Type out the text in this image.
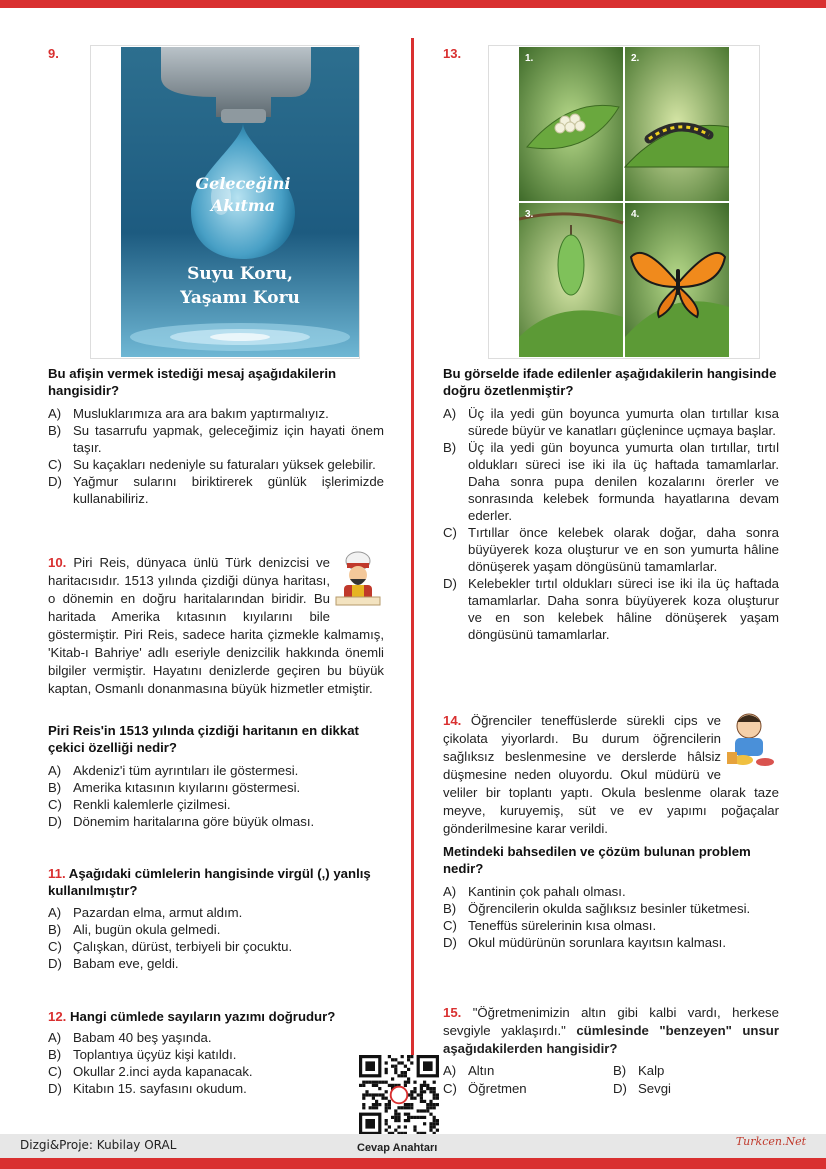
9.
Geleceğini
Akıtma
Suyu Koru,
Yaşamı Koru
Bu afişin vermek istediği mesaj aşağıdakilerin hangisidir?
A) Musluklarımıza ara ara bakım yaptırmalıyız.
B) Su tasarrufu yapmak, geleceğimiz için hayati önem taşır.
C) Su kaçakları nedeniyle su faturaları yüksek gelebilir.
D) Yağmur sularını biriktirerek günlük işlerimizde kullanabiliriz.
10. Piri Reis, dünyaca ünlü Türk denizcisi ve haritacısıdır. 1513 yılında çizdiği dünya haritası, o dönemin en doğru haritalarından biridir. Bu haritada Amerika kıtasının kıyılarını bile göstermiştir. Piri Reis, sadece harita çizmekle kalmamış, 'Kitab-ı Bahriye' adlı eseriyle denizcilik hakkında önemli bilgiler vermiştir. Hayatını denizlerde geçiren bu büyük kaptan, Osmanlı donanmasına büyük hizmetler etmiştir.
Piri Reis'in 1513 yılında çizdiği haritanın en dikkat çekici özelliği nedir?
A) Akdeniz'i tüm ayrıntıları ile göstermesi.
B) Amerika kıtasının kıyılarını göstermesi.
C) Renkli kalemlerle çizilmesi.
D) Dönemim haritalarına göre büyük olması.
11. Aşağıdaki cümlelerin hangisinde virgül (,) yanlış kullanılmıştır?
A) Pazardan elma, armut aldım.
B) Ali, bugün okula gelmedi.
C) Çalışkan, dürüst, terbiyeli bir çocuktu.
D) Babam eve, geldi.
12. Hangi cümlede sayıların yazımı doğrudur?
A) Babam 40 beş yaşında.
B) Toplantıya üçyüz kişi katıldı.
C) Okullar 2.inci ayda kapanacak.
D) Kitabın 15. sayfasını okudum.
13.	1.	2.
3.	4.
Bu görselde ifade edilenler aşağıdakilerin hangisinde doğru özetlenmiştir?
A) Üç ila yedi gün boyunca yumurta olan tırtıllar kısa sürede büyür ve kanatları güçlenince uçmaya başlar.
B) Üç ila yedi gün boyunca yumurta olan tırtıllar, tırtıl oldukları süreci ise iki ila üç haftada tamamlarlar. Daha sonra pupa denilen kozalarını örerler ve sonrasında kelebek formunda hayatlarına devam ederler.
C) Tırtıllar önce kelebek olarak doğar, daha sonra büyüyerek koza oluşturur ve en son yumurta hâline dönüşerek yaşam döngüsünü tamamlarlar.
D) Kelebekler tırtıl oldukları süreci ise iki ila üç haftada tamamlarlar. Daha sonra büyüyerek koza oluşturur ve en son kelebek hâline dönüşerek yaşam döngüsünü tamamlarlar.
14. Öğrenciler teneffüslerde sürekli cips ve çikolata yiyorlardı. Bu durum öğrencilerin sağlıksız beslenmesine ve derslerde hâlsiz düşmesine neden oluyordu. Okul müdürü ve veliler bir toplantı yaptı. Okula beslenme olarak taze meyve, kuruyemiş, süt ve ev yapımı poğaçalar gönderilmesine karar verildi.
Metindeki bahsedilen ve çözüm bulunan problem nedir?
A) Kantinin çok pahalı olması.
B) Öğrencilerin okulda sağlıksız besinler tüketmesi.
C) Teneffüs sürelerinin kısa olması.
D) Okul müdürünün sorunlara kayıtsın kalması.
15. "Öğretmenimizin altın gibi kalbi vardı, herkese sevgiyle yaklaşırdı." cümlesinde "benzeyen" unsur aşağıdakilerden hangisidir?
A) Altın	B) Kalp
C) Öğretmen	D) Sevgi
Dizgi&Proje: Kubilay ORAL	Cevap Anahtarı	Turkcen.Net
